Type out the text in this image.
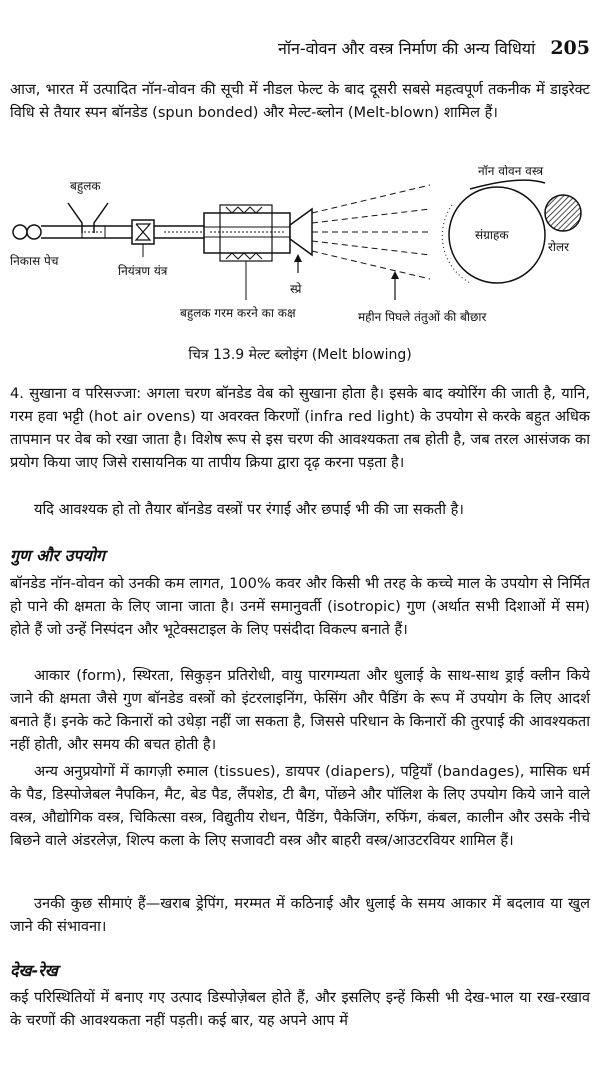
नॉन-वोवन और वस्त्र निर्माण की अन्य विधियां 205

आज, भारत में उत्पादित नॉन-वोवन की सूची में नीडल फेल्ट के बाद दूसरी सबसे महत्वपूर्ण तकनीक में डाइरेक्ट विधि से तैयार स्पन बॉनडेड (spun bonded) और मेल्ट-ब्लोन (Melt-blown) शामिल हैं।

बहुलक
निकास पेच
नियंत्रण यंत्र
बहुलक गरम करने का कक्ष
स्प्रे
महीन पिघले तंतुओं की बौछार
संग्राहक
नॉन वोवन वस्त्र
रोलर
चित्र 13.9 मेल्ट ब्लोइंग (Melt blowing)

4. सुखाना व परिसज्जा: अगला चरण बॉनडेड वेब को सुखाना होता है। इसके बाद क्योरिंग की जाती है, यानि, गरम हवा भट्टी (hot air ovens) या अवरक्त किरणों (infra red light) के उपयोग से करके बहुत अधिक तापमान पर वेब को रखा जाता है। विशेष रूप से इस चरण की आवश्यकता तब होती है, जब तरल आसंजक का प्रयोग किया जाए जिसे रासायनिक या तापीय क्रिया द्वारा दृढ़ करना पड़ता है।

यदि आवश्यक हो तो तैयार बॉनडेड वस्त्रों पर रंगाई और छपाई भी की जा सकती है।

गुण और उपयोग

बॉनडेड नॉन-वोवन को उनकी कम लागत, 100% कवर और किसी भी तरह के कच्चे माल के उपयोग से निर्मित हो पाने की क्षमता के लिए जाना जाता है। उनमें समानुवर्ती (isotropic) गुण (अर्थात सभी दिशाओं में सम) होते हैं जो उन्हें निस्पंदन और भूटेक्सटाइल के लिए पसंदीदा विकल्प बनाते हैं।

आकार (form), स्थिरता, सिकुड़न प्रतिरोधी, वायु पारगम्यता और धुलाई के साथ-साथ ड्राई क्लीन किये जाने की क्षमता जैसे गुण बॉनडेड वस्त्रों को इंटरलाइनिंग, फेसिंग और पैडिंग के रूप में उपयोग के लिए आदर्श बनाते हैं। इनके कटे किनारों को उधेड़ा नहीं जा सकता है, जिससे परिधान के किनारों की तुरपाई की आवश्यकता नहीं होती, और समय की बचत होती है।

अन्य अनुप्रयोगों में कागज़ी रुमाल (tissues), डायपर (diapers), पट्टियाँ (bandages), मासिक धर्म के पैड, डिस्पोजेबल नैपकिन, मैट, बेड पैड, लैंपशेड, टी बैग, पोंछने और पॉलिश के लिए उपयोग किये जाने वाले वस्त्र, औद्योगिक वस्त्र, चिकित्सा वस्त्र, विद्युतीय रोधन, पैडिंग, पैकेजिंग, रुफिंग, कंबल, कालीन और उसके नीचे बिछने वाले अंडरलेज़, शिल्प कला के लिए सजावटी वस्त्र और बाहरी वस्त्र/आउटरवियर शामिल हैं।

उनकी कुछ सीमाएं हैं—खराब ड्रेपिंग, मरम्मत में कठिनाई और धुलाई के समय आकार में बदलाव या खुल जाने की संभावना।

देख-रेख

कई परिस्थितियों में बनाए गए उत्पाद डिस्पोज़ेबल होते हैं, और इसलिए इन्हें किसी भी देख-भाल या रख-रखाव के चरणों की आवश्यकता नहीं पड़ती। कई बार, यह अपने आप में
